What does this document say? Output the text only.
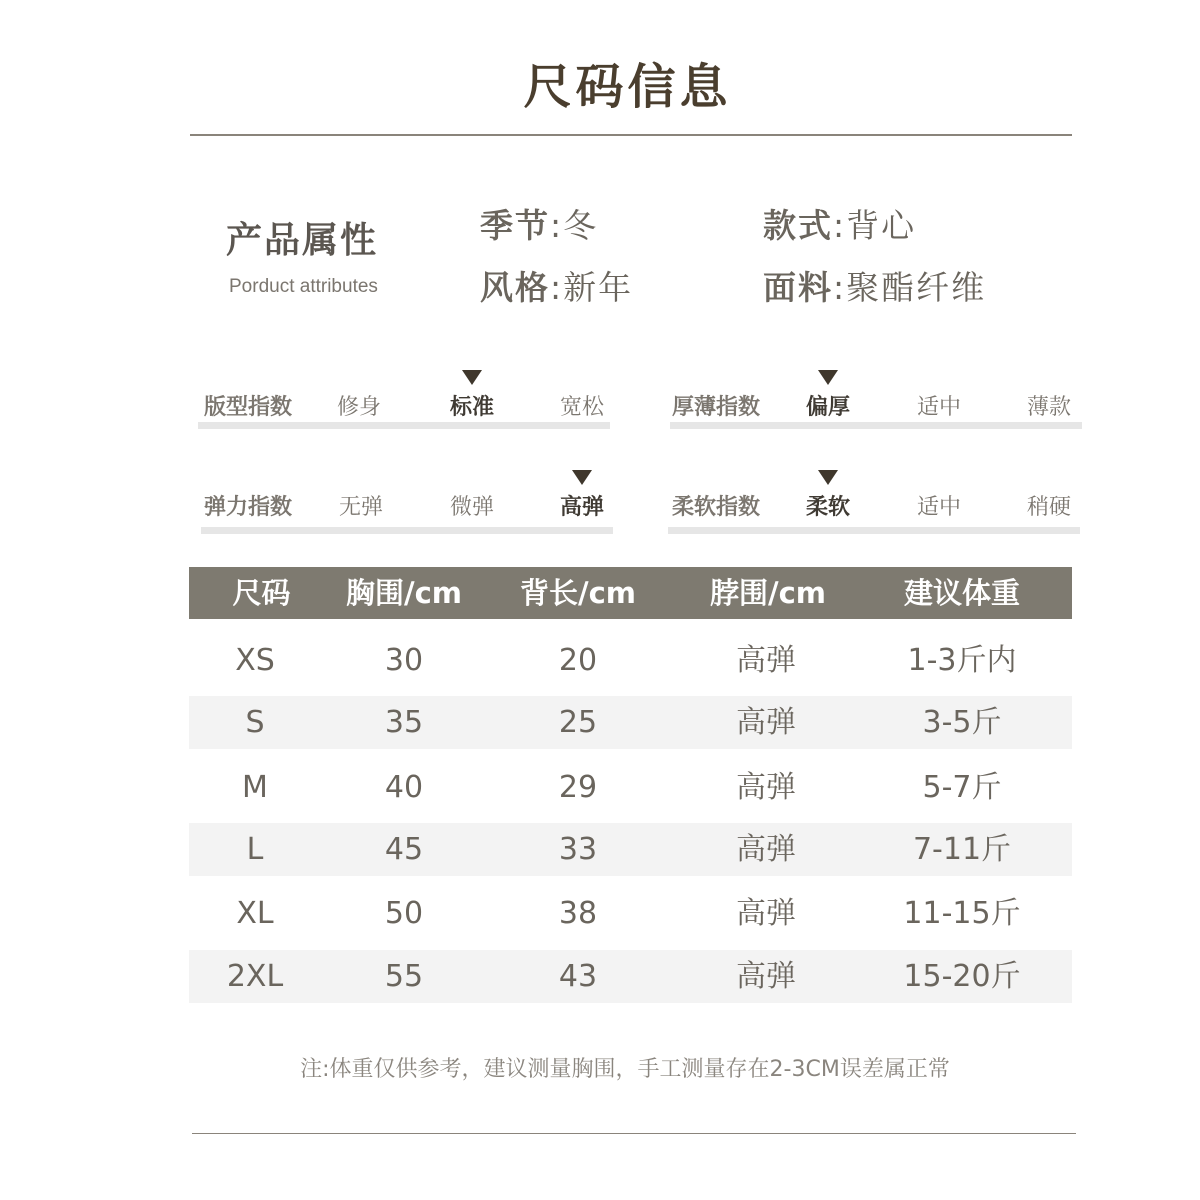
尺码信息
产品属性
Porduct attributes
季节:冬
风格:新年
款式:背心
面料:聚酯纤维
版型指数	修身	标准	宽松	厚薄指数	偏厚	适中	薄款
弹力指数	无弹	微弹	高弹	柔软指数	柔软	适中	稍硬
尺码	胸围/cm	背长/cm	脖围/cm	建议体重
XS	30	20	高弹	1-3斤内
S	35	25	高弹	3-5斤
M	40	29	高弹	5-7斤
L	45	33	高弹	7-11斤
XL	50	38	高弹	11-15斤
2XL	55	43	高弹	15-20斤
注:体重仅供参考，建议测量胸围，手工测量存在2-3CM误差属正常
